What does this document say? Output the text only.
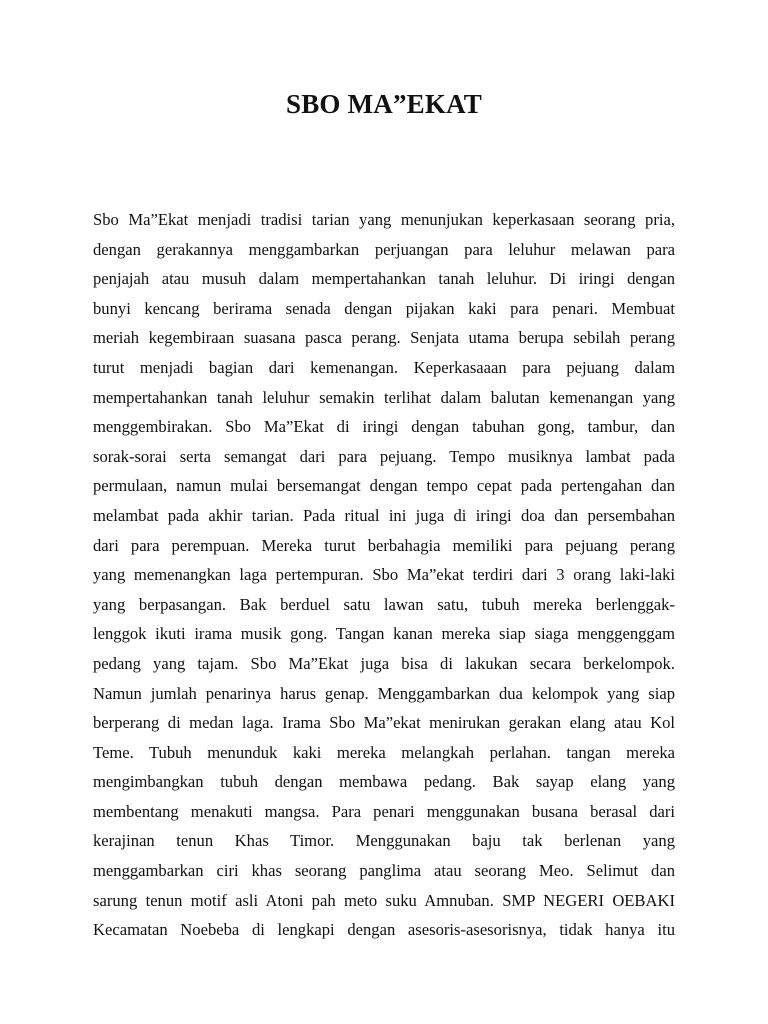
SBO MA”EKAT
Sbo Ma”Ekat menjadi tradisi tarian yang menunjukan keperkasaan seorang pria,
dengan gerakannya menggambarkan perjuangan para leluhur melawan para
penjajah atau musuh dalam mempertahankan tanah leluhur. Di iringi dengan
bunyi kencang berirama senada dengan pijakan kaki para penari. Membuat
meriah kegembiraan suasana pasca perang. Senjata utama berupa sebilah perang
turut menjadi bagian dari kemenangan. Keperkasaaan para pejuang dalam
mempertahankan tanah leluhur semakin terlihat dalam balutan kemenangan yang
menggembirakan. Sbo Ma”Ekat di iringi dengan tabuhan gong, tambur, dan
sorak-sorai serta semangat dari para pejuang. Tempo musiknya lambat pada
permulaan, namun mulai bersemangat dengan tempo cepat pada pertengahan dan
melambat pada akhir tarian. Pada ritual ini juga di iringi doa dan persembahan
dari para perempuan. Mereka turut berbahagia memiliki para pejuang perang
yang memenangkan laga pertempuran. Sbo Ma”ekat terdiri dari 3 orang laki-laki
yang berpasangan. Bak berduel satu lawan satu, tubuh mereka berlenggak-
lenggok ikuti irama musik gong. Tangan kanan mereka siap siaga menggenggam
pedang yang tajam. Sbo Ma”Ekat juga bisa di lakukan secara berkelompok.
Namun jumlah penarinya harus genap. Menggambarkan dua kelompok yang siap
berperang di medan laga. Irama Sbo Ma”ekat menirukan gerakan elang atau Kol
Teme. Tubuh menunduk kaki mereka melangkah perlahan. tangan mereka
mengimbangkan tubuh dengan membawa pedang. Bak sayap elang yang
membentang menakuti mangsa. Para penari menggunakan busana berasal dari
kerajinan tenun Khas Timor. Menggunakan baju tak berlenan yang
menggambarkan ciri khas seorang panglima atau seorang Meo. Selimut dan
sarung tenun motif asli Atoni pah meto suku Amnuban. SMP NEGERI OEBAKI
Kecamatan Noebeba di lengkapi dengan asesoris-asesorisnya, tidak hanya itu
